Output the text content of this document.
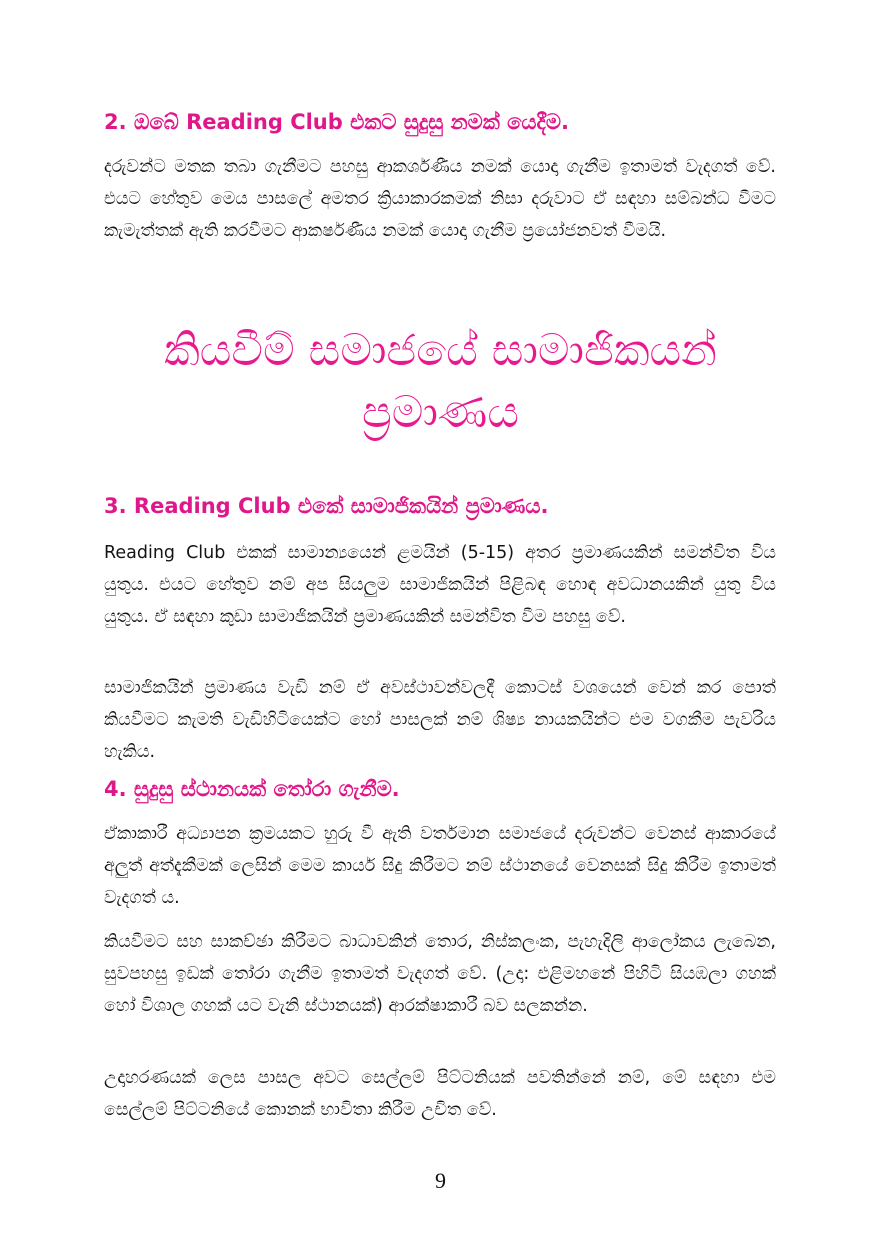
2. ඔබේ Reading Club එකට සුදුසු නමක් යෙදීම.
දරුවන්ට මතක තබා ගැනීමට පහසු ආකර්ශණීය නමක් යොදා ගැනීම ඉතාමත් වැදගත් වේ. එයට හේතුව මෙය පාසලේ අමතර ක්‍රියාකාරකමක් නිසා දරුවාට ඒ සඳහා සම්බන්ධ වීමට කැමැත්තක් ඇති කරවීමට ආකර්ෂණීය නමක් යොදා ගැනීම ප්‍රයෝජනවත් වීමයි.
කියවීම් සමාජයේ සාමාජිකයන්
ප්‍රමාණය
3. Reading Club එකේ සාමාජිකයින් ප්‍රමාණය.
Reading Club එකක් සාමාන්‍යයෙන් ළමයින් (5-15) අතර ප්‍රමාණයකින් සමන්විත විය යුතුය. එයට හේතුව නම් අප සියලුම සාමාජිකයින් පිළිබඳ හොඳ අවධානයකින් යුතු විය යුතුය. ඒ සඳහා කුඩා සාමාජිකයින් ප්‍රමාණයකින් සමන්විත වීම පහසු වේ.
සාමාජිකයින් ප්‍රමාණය වැඩි නම් ඒ අවස්ථාවන්වලදී කොටස් වශයෙන් වෙන් කර පොත් කියවීමට කැමති වැඩිහිටියෙක්ට හෝ පාසලක් නම් ශිෂ්‍ය නායකයින්ට එම වගකීම පැවරිය හැකිය.
4. සුදුසු ස්ථානයක් තෝරා ගැනීම.
ඒකාකාරී අධ්‍යාපන ක්‍රමයකට හුරු වී ඇති වර්තමාන සමාජයේ දරුවන්ට වෙනස් ආකාරයේ අලුත් අත්දැකීමක් ලෙසින් මෙම කාර්ය සිදු කිරීමට නම් ස්ථානයේ වෙනසක් සිදු කිරීම ඉතාමත් වැදගත් ය.
කියවීමට සහ සාකච්ඡා කිරීමට බාධාවකින් තොර, නිස්කලංක, පැහැදිලි ආලෝකය ලැබෙන, සුවපහසු ඉඩක් තෝරා ගැනීම ඉතාමත් වැදගත් වේ. (උදා: එළිමහනේ පිහිටි සියඹලා ගහක් හෝ විශාල ගහක් යට වැනි ස්ථානයක්) ආරක්ෂාකාරී බව සලකන්න.
උදාහරණයක් ලෙස පාසල අවට සෙල්ලම් පිට්ටනියක් පවතින්නේ නම්, මේ සඳහා එම සෙල්ලම් පිට්ටනියේ කොනක් භාවිතා කිරීම උචිත වේ.
9
